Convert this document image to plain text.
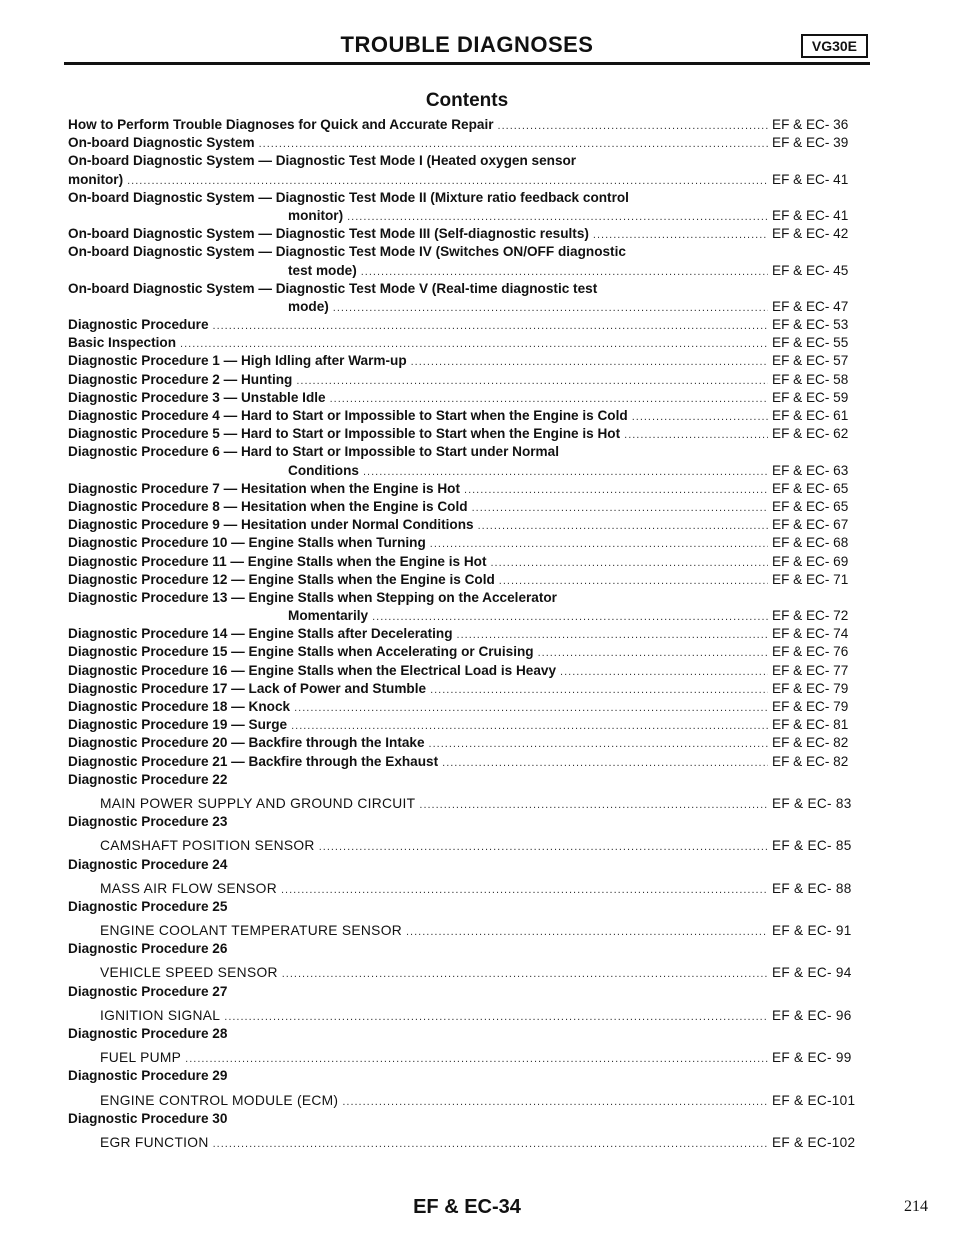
TROUBLE DIAGNOSES	VG30E
Contents
How to Perform Trouble Diagnoses for Quick and Accurate Repair .....	EF & EC- 36
On-board Diagnostic System .....	EF & EC- 39
On-board Diagnostic System — Diagnostic Test Mode I (Heated oxygen sensor
monitor) .....	EF & EC- 41
On-board Diagnostic System — Diagnostic Test Mode II (Mixture ratio feedback control
monitor) .....	EF & EC- 41
On-board Diagnostic System — Diagnostic Test Mode III (Self-diagnostic results) .....	EF & EC- 42
On-board Diagnostic System — Diagnostic Test Mode IV (Switches ON/OFF diagnostic
test mode) .....	EF & EC- 45
On-board Diagnostic System — Diagnostic Test Mode V (Real-time diagnostic test
mode) .....	EF & EC- 47
Diagnostic Procedure .....	EF & EC- 53
Basic Inspection .....	EF & EC- 55
Diagnostic Procedure 1 — High Idling after Warm-up .....	EF & EC- 57
Diagnostic Procedure 2 — Hunting .....	EF & EC- 58
Diagnostic Procedure 3 — Unstable Idle .....	EF & EC- 59
Diagnostic Procedure 4 — Hard to Start or Impossible to Start when the Engine is Cold .....	EF & EC- 61
Diagnostic Procedure 5 — Hard to Start or Impossible to Start when the Engine is Hot .....	EF & EC- 62
Diagnostic Procedure 6 — Hard to Start or Impossible to Start under Normal
Conditions .....	EF & EC- 63
Diagnostic Procedure 7 — Hesitation when the Engine is Hot .....	EF & EC- 65
Diagnostic Procedure 8 — Hesitation when the Engine is Cold .....	EF & EC- 65
Diagnostic Procedure 9 — Hesitation under Normal Conditions .....	EF & EC- 67
Diagnostic Procedure 10 — Engine Stalls when Turning .....	EF & EC- 68
Diagnostic Procedure 11 — Engine Stalls when the Engine is Hot .....	EF & EC- 69
Diagnostic Procedure 12 — Engine Stalls when the Engine is Cold .....	EF & EC- 71
Diagnostic Procedure 13 — Engine Stalls when Stepping on the Accelerator
Momentarily .....	EF & EC- 72
Diagnostic Procedure 14 — Engine Stalls after Decelerating .....	EF & EC- 74
Diagnostic Procedure 15 — Engine Stalls when Accelerating or Cruising .....	EF & EC- 76
Diagnostic Procedure 16 — Engine Stalls when the Electrical Load is Heavy .....	EF & EC- 77
Diagnostic Procedure 17 — Lack of Power and Stumble .....	EF & EC- 79
Diagnostic Procedure 18 — Knock .....	EF & EC- 79
Diagnostic Procedure 19 — Surge .....	EF & EC- 81
Diagnostic Procedure 20 — Backfire through the Intake .....	EF & EC- 82
Diagnostic Procedure 21 — Backfire through the Exhaust .....	EF & EC- 82
Diagnostic Procedure 22
MAIN POWER SUPPLY AND GROUND CIRCUIT .....	EF & EC- 83
Diagnostic Procedure 23
CAMSHAFT POSITION SENSOR .....	EF & EC- 85
Diagnostic Procedure 24
MASS AIR FLOW SENSOR .....	EF & EC- 88
Diagnostic Procedure 25
ENGINE COOLANT TEMPERATURE SENSOR .....	EF & EC- 91
Diagnostic Procedure 26
VEHICLE SPEED SENSOR .....	EF & EC- 94
Diagnostic Procedure 27
IGNITION SIGNAL .....	EF & EC- 96
Diagnostic Procedure 28
FUEL PUMP .....	EF & EC- 99
Diagnostic Procedure 29
ENGINE CONTROL MODULE (ECM) .....	EF & EC-101
Diagnostic Procedure 30
EGR FUNCTION .....	EF & EC-102
EF & EC-34	214
